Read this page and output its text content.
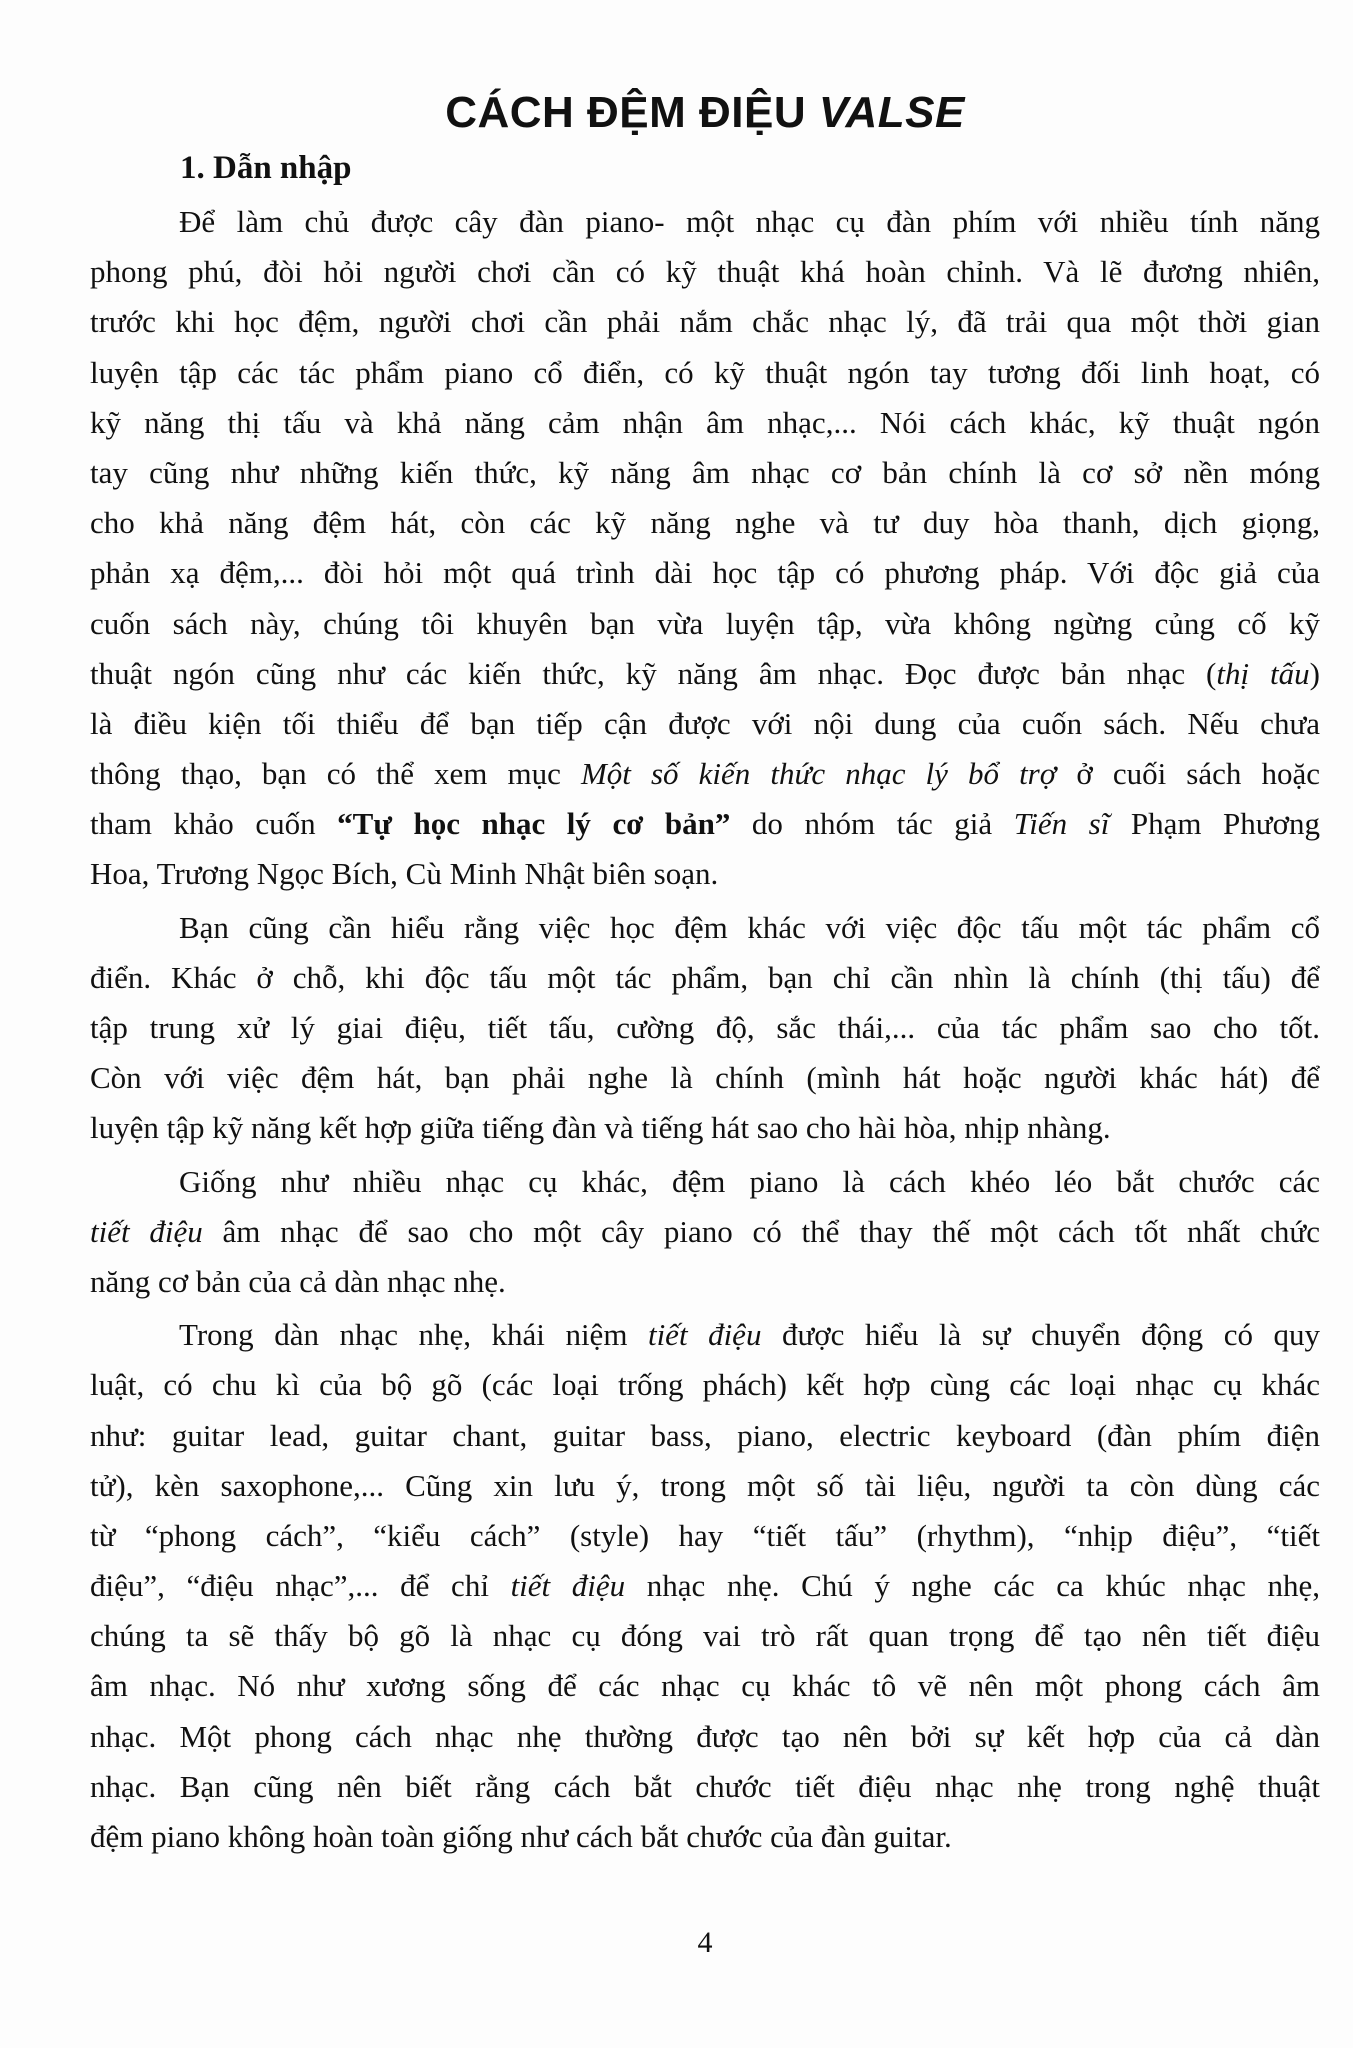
CÁCH ĐỆM ĐIỆU VALSE
1. Dẫn nhập
Để làm chủ được cây đàn piano- một nhạc cụ đàn phím với nhiều tính năng
phong phú, đòi hỏi người chơi cần có kỹ thuật khá hoàn chỉnh. Và lẽ đương nhiên,
trước khi học đệm, người chơi cần phải nắm chắc nhạc lý, đã trải qua một thời gian
luyện tập các tác phẩm piano cổ điển, có kỹ thuật ngón tay tương đối linh hoạt, có
kỹ năng thị tấu và khả năng cảm nhận âm nhạc,... Nói cách khác, kỹ thuật ngón
tay cũng như những kiến thức, kỹ năng âm nhạc cơ bản chính là cơ sở nền móng
cho khả năng đệm hát, còn các kỹ năng nghe và tư duy hòa thanh, dịch giọng,
phản xạ đệm,... đòi hỏi một quá trình dài học tập có phương pháp. Với độc giả của
cuốn sách này, chúng tôi khuyên bạn vừa luyện tập, vừa không ngừng củng cố kỹ
thuật ngón cũng như các kiến thức, kỹ năng âm nhạc. Đọc được bản nhạc (thị tấu)
là điều kiện tối thiểu để bạn tiếp cận được với nội dung của cuốn sách. Nếu chưa
thông thạo, bạn có thể xem mục Một số kiến thức nhạc lý bổ trợ ở cuối sách hoặc
tham khảo cuốn “Tự học nhạc lý cơ bản” do nhóm tác giả Tiến sĩ Phạm Phương
Hoa, Trương Ngọc Bích, Cù Minh Nhật biên soạn.
Bạn cũng cần hiểu rằng việc học đệm khác với việc độc tấu một tác phẩm cổ
điển. Khác ở chỗ, khi độc tấu một tác phẩm, bạn chỉ cần nhìn là chính (thị tấu) để
tập trung xử lý giai điệu, tiết tấu, cường độ, sắc thái,... của tác phẩm sao cho tốt.
Còn với việc đệm hát, bạn phải nghe là chính (mình hát hoặc người khác hát) để
luyện tập kỹ năng kết hợp giữa tiếng đàn và tiếng hát sao cho hài hòa, nhịp nhàng.
Giống như nhiều nhạc cụ khác, đệm piano là cách khéo léo bắt chước các
tiết điệu âm nhạc để sao cho một cây piano có thể thay thế một cách tốt nhất chức
năng cơ bản của cả dàn nhạc nhẹ.
Trong dàn nhạc nhẹ, khái niệm tiết điệu được hiểu là sự chuyển động có quy
luật, có chu kì của bộ gõ (các loại trống phách) kết hợp cùng các loại nhạc cụ khác
như: guitar lead, guitar chant, guitar bass, piano, electric keyboard (đàn phím điện
tử), kèn saxophone,... Cũng xin lưu ý, trong một số tài liệu, người ta còn dùng các
từ “phong cách”, “kiểu cách” (style) hay “tiết tấu” (rhythm), “nhịp điệu”, “tiết
điệu”, “điệu nhạc”,... để chỉ tiết điệu nhạc nhẹ. Chú ý nghe các ca khúc nhạc nhẹ,
chúng ta sẽ thấy bộ gõ là nhạc cụ đóng vai trò rất quan trọng để tạo nên tiết điệu
âm nhạc. Nó như xương sống để các nhạc cụ khác tô vẽ nên một phong cách âm
nhạc. Một phong cách nhạc nhẹ thường được tạo nên bởi sự kết hợp của cả dàn
nhạc. Bạn cũng nên biết rằng cách bắt chước tiết điệu nhạc nhẹ trong nghệ thuật
đệm piano không hoàn toàn giống như cách bắt chước của đàn guitar.
4
